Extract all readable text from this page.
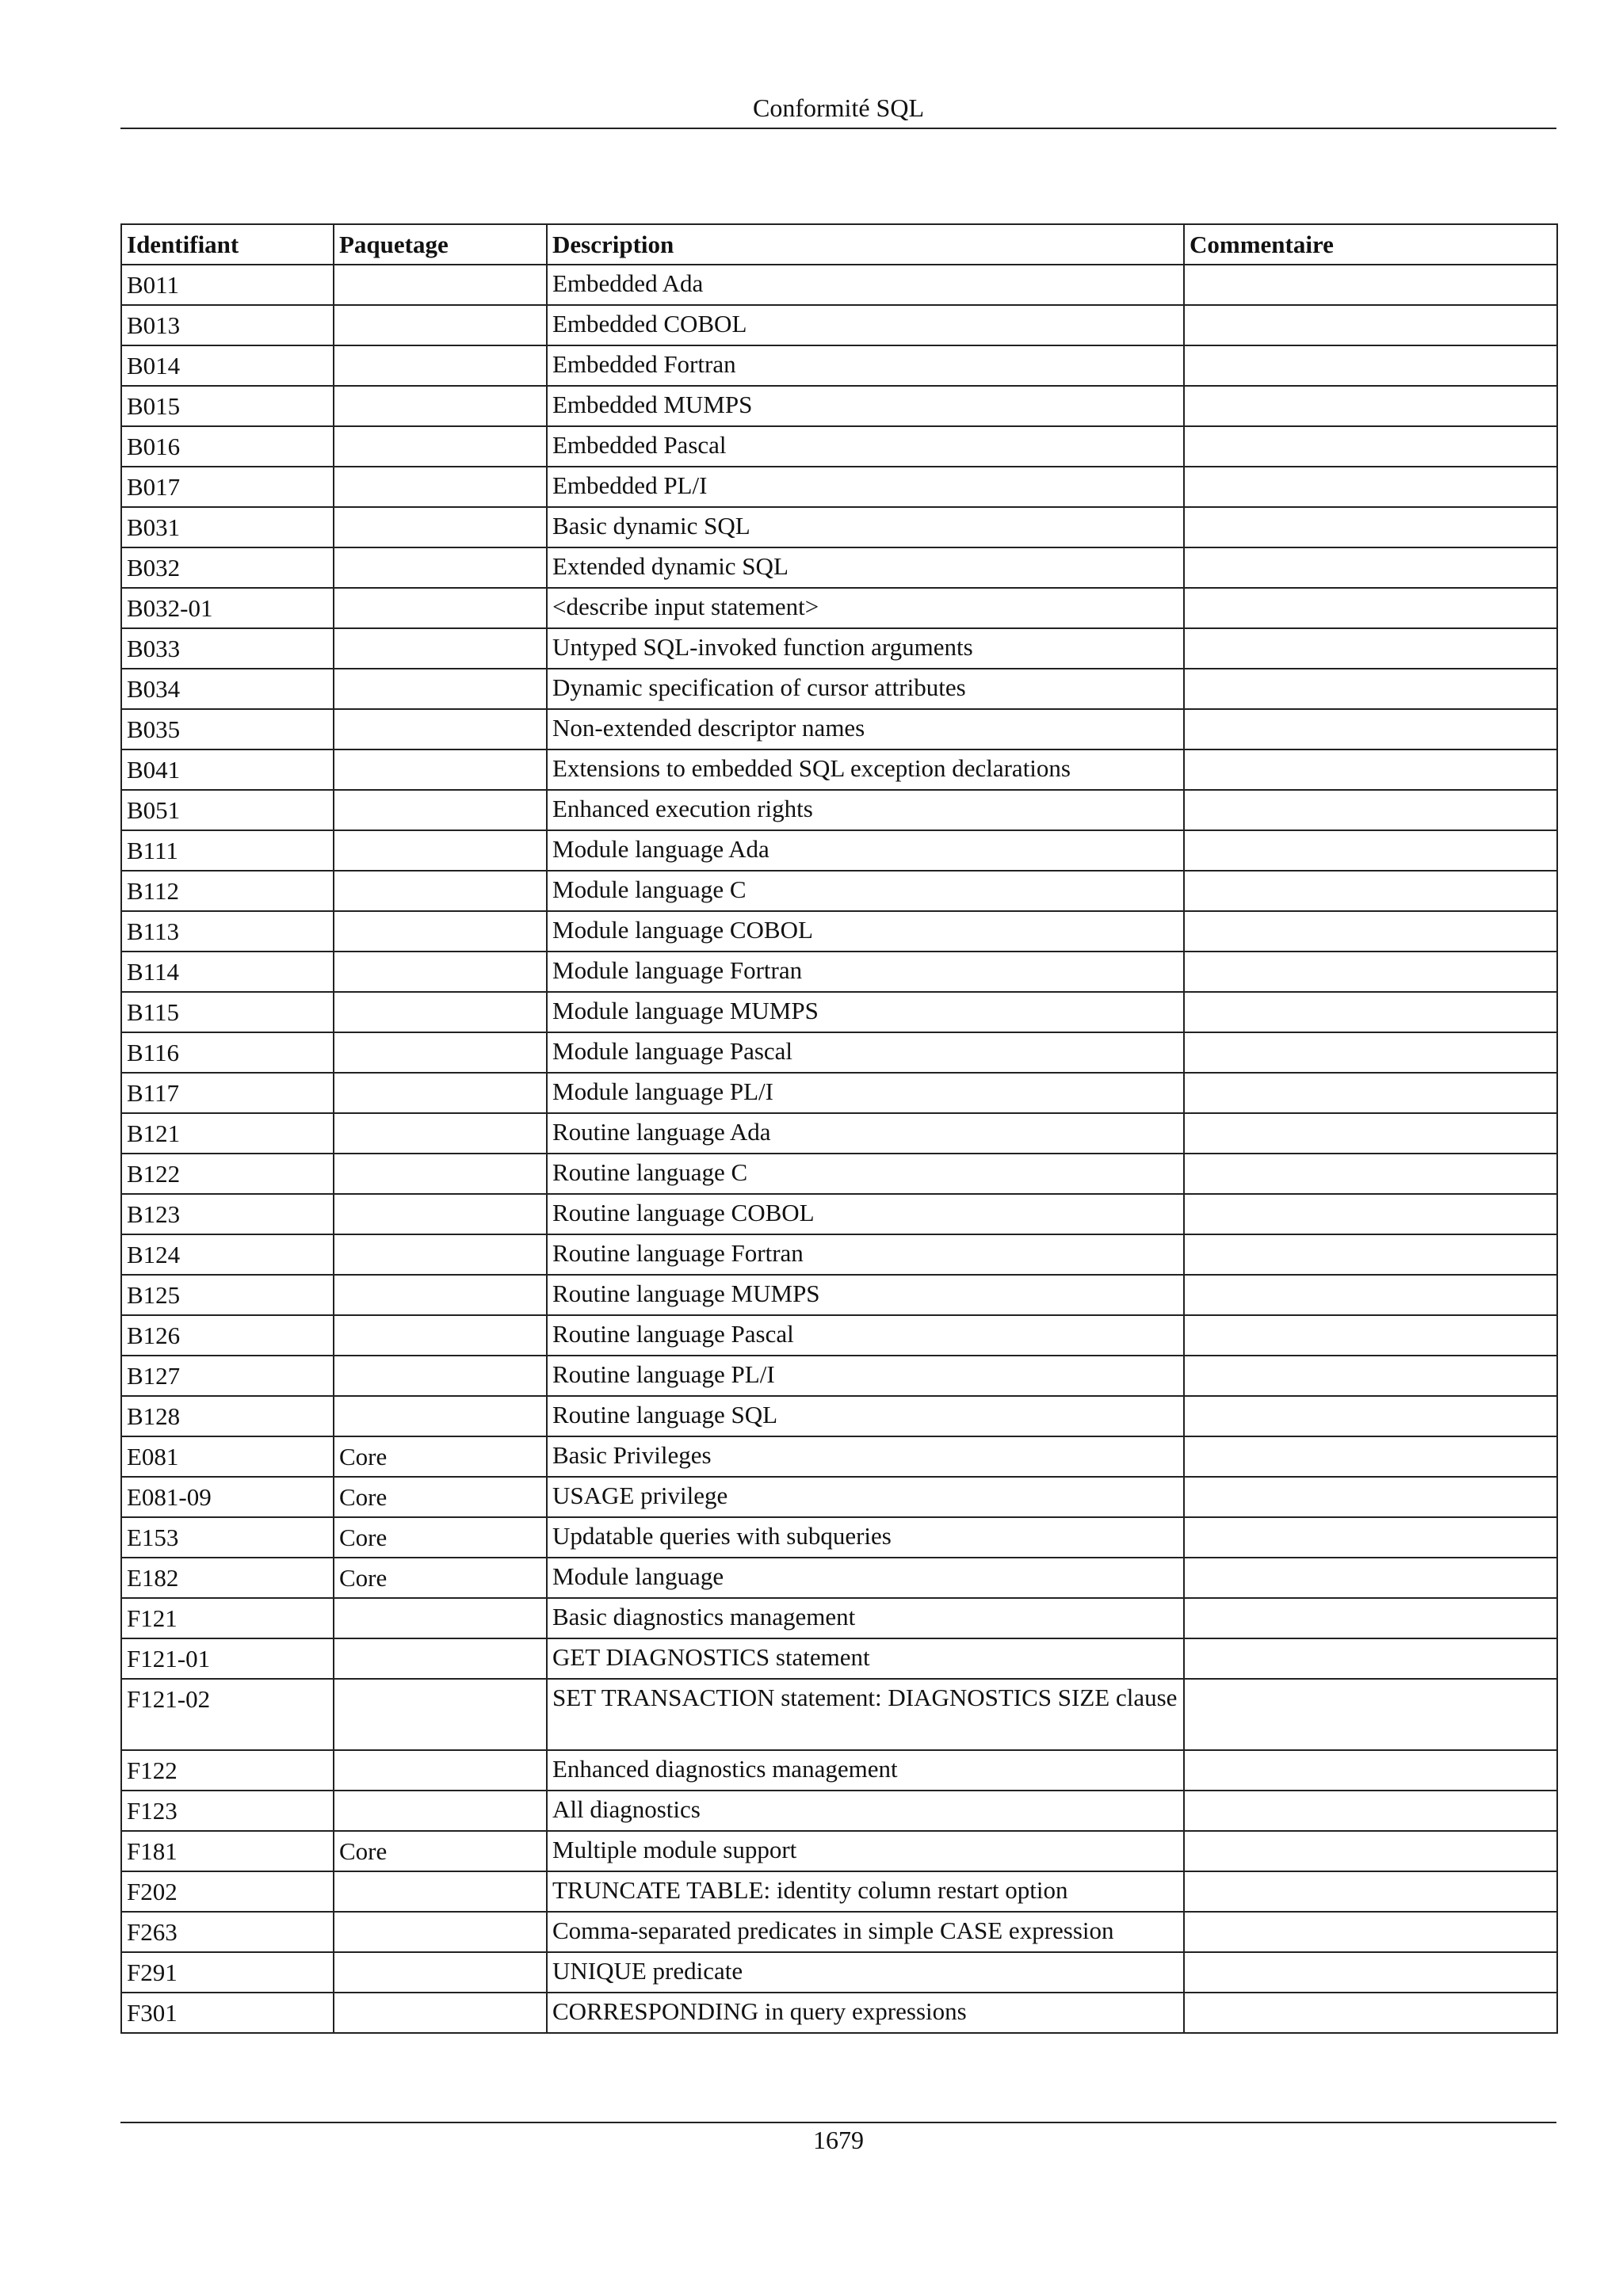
Conformité SQL
Identifiant	Paquetage	Description	Commentaire
B011		Embedded Ada	
B013		Embedded COBOL	
B014		Embedded Fortran	
B015		Embedded MUMPS	
B016		Embedded Pascal	
B017		Embedded PL/I	
B031		Basic dynamic SQL	
B032		Extended dynamic SQL	
B032-01		<describe input statement>	
B033		Untyped SQL-invoked function arguments	
B034		Dynamic specification of cursor attributes	
B035		Non-extended descriptor names	
B041		Extensions to embedded SQL exception declarations	
B051		Enhanced execution rights	
B111		Module language Ada	
B112		Module language C	
B113		Module language COBOL	
B114		Module language Fortran	
B115		Module language MUMPS	
B116		Module language Pascal	
B117		Module language PL/I	
B121		Routine language Ada	
B122		Routine language C	
B123		Routine language COBOL	
B124		Routine language Fortran	
B125		Routine language MUMPS	
B126		Routine language Pascal	
B127		Routine language PL/I	
B128		Routine language SQL	
E081	Core	Basic Privileges	
E081-09	Core	USAGE privilege	
E153	Core	Updatable queries with subqueries	
E182	Core	Module language	
F121		Basic diagnostics management	
F121-01		GET DIAGNOSTICS statement	
F121-02		SET TRANSACTION statement: DIAGNOSTICS SIZE clause	
F122		Enhanced diagnostics management	
F123		All diagnostics	
F181	Core	Multiple module support	
F202		TRUNCATE TABLE: identity column restart option	
F263		Comma-separated predicates in simple CASE expression	
F291		UNIQUE predicate	
F301		CORRESPONDING in query expressions	
1679
